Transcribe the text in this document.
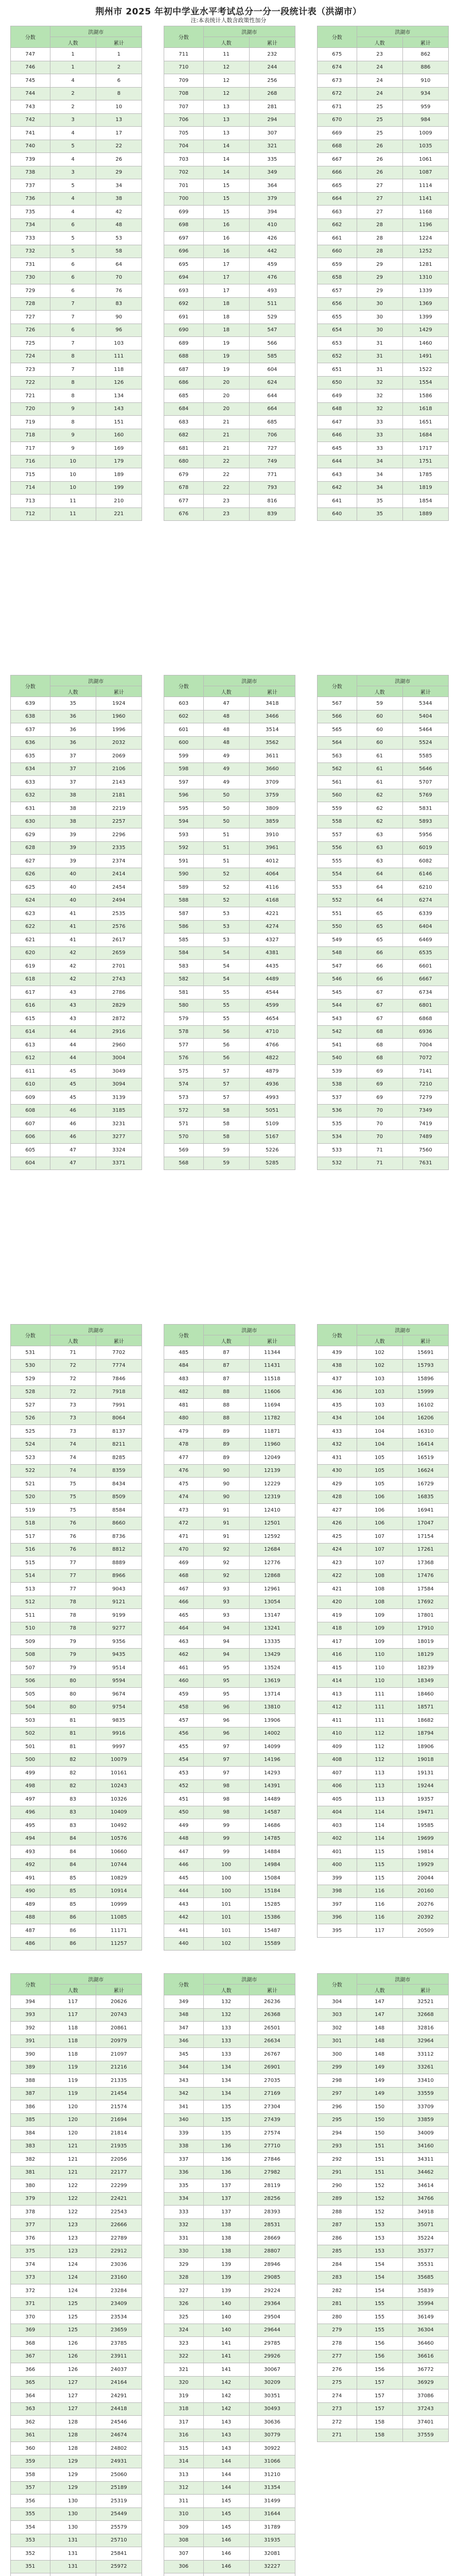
荆州市 2025 年初中学业水平考试总分一分一段统计表（洪湖市）
注:本表统计人数含政策性加分
分数	洪湖市	
	人数	累计
747	1	1
746	1	2
745	4	6
744	2	8
743	2	10
742	3	13
741	4	17
740	5	22
739	4	26
738	3	29
737	5	34
736	4	38
735	4	42
734	6	48
733	5	53
732	5	58
731	6	64
730	6	70
729	6	76
728	7	83
727	7	90
726	6	96
725	7	103
724	8	111
723	7	118
722	8	126
721	8	134
720	9	143
719	8	151
718	9	160
717	9	169
716	10	179
715	10	189
714	10	199
713	11	210
712	11	221
分数	洪湖市	
	人数	累计
711	11	232
710	12	244
709	12	256
708	12	268
707	13	281
706	13	294
705	13	307
704	14	321
703	14	335
702	14	349
701	15	364
700	15	379
699	15	394
698	16	410
697	16	426
696	16	442
695	17	459
694	17	476
693	17	493
692	18	511
691	18	529
690	18	547
689	19	566
688	19	585
687	19	604
686	20	624
685	20	644
684	20	664
683	21	685
682	21	706
681	21	727
680	22	749
679	22	771
678	22	793
677	23	816
676	23	839
分数	洪湖市	
	人数	累计
675	23	862
674	24	886
673	24	910
672	24	934
671	25	959
670	25	984
669	25	1009
668	26	1035
667	26	1061
666	26	1087
665	27	1114
664	27	1141
663	27	1168
662	28	1196
661	28	1224
660	28	1252
659	29	1281
658	29	1310
657	29	1339
656	30	1369
655	30	1399
654	30	1429
653	31	1460
652	31	1491
651	31	1522
650	32	1554
649	32	1586
648	32	1618
647	33	1651
646	33	1684
645	33	1717
644	34	1751
643	34	1785
642	34	1819
641	35	1854
640	35	1889
分数	洪湖市	
	人数	累计
639	35	1924
638	36	1960
637	36	1996
636	36	2032
635	37	2069
634	37	2106
633	37	2143
632	38	2181
631	38	2219
630	38	2257
629	39	2296
628	39	2335
627	39	2374
626	40	2414
625	40	2454
624	40	2494
623	41	2535
622	41	2576
621	41	2617
620	42	2659
619	42	2701
618	42	2743
617	43	2786
616	43	2829
615	43	2872
614	44	2916
613	44	2960
612	44	3004
611	45	3049
610	45	3094
609	45	3139
608	46	3185
607	46	3231
606	46	3277
605	47	3324
604	47	3371
分数	洪湖市	
	人数	累计
603	47	3418
602	48	3466
601	48	3514
600	48	3562
599	49	3611
598	49	3660
597	49	3709
596	50	3759
595	50	3809
594	50	3859
593	51	3910
592	51	3961
591	51	4012
590	52	4064
589	52	4116
588	52	4168
587	53	4221
586	53	4274
585	53	4327
584	54	4381
583	54	4435
582	54	4489
581	55	4544
580	55	4599
579	55	4654
578	56	4710
577	56	4766
576	56	4822
575	57	4879
574	57	4936
573	57	4993
572	58	5051
571	58	5109
570	58	5167
569	59	5226
568	59	5285
分数	洪湖市	
	人数	累计
567	59	5344
566	60	5404
565	60	5464
564	60	5524
563	61	5585
562	61	5646
561	61	5707
560	62	5769
559	62	5831
558	62	5893
557	63	5956
556	63	6019
555	63	6082
554	64	6146
553	64	6210
552	64	6274
551	65	6339
550	65	6404
549	65	6469
548	66	6535
547	66	6601
546	66	6667
545	67	6734
544	67	6801
543	67	6868
542	68	6936
541	68	7004
540	68	7072
539	69	7141
538	69	7210
537	69	7279
536	70	7349
535	70	7419
534	70	7489
533	71	7560
532	71	7631
分数	洪湖市	
	人数	累计
531	71	7702
530	72	7774
529	72	7846
528	72	7918
527	73	7991
526	73	8064
525	73	8137
524	74	8211
523	74	8285
522	74	8359
521	75	8434
520	75	8509
519	75	8584
518	76	8660
517	76	8736
516	76	8812
515	77	8889
514	77	8966
513	77	9043
512	78	9121
511	78	9199
510	78	9277
509	79	9356
508	79	9435
507	79	9514
506	80	9594
505	80	9674
504	80	9754
503	81	9835
502	81	9916
501	81	9997
500	82	10079
499	82	10161
498	82	10243
497	83	10326
496	83	10409
495	83	10492
494	84	10576
493	84	10660
492	84	10744
491	85	10829
490	85	10914
489	85	10999
488	86	11085
487	86	11171
486	86	11257
分数	洪湖市	
	人数	累计
485	87	11344
484	87	11431
483	87	11518
482	88	11606
481	88	11694
480	88	11782
479	89	11871
478	89	11960
477	89	12049
476	90	12139
475	90	12229
474	90	12319
473	91	12410
472	91	12501
471	91	12592
470	92	12684
469	92	12776
468	92	12868
467	93	12961
466	93	13054
465	93	13147
464	94	13241
463	94	13335
462	94	13429
461	95	13524
460	95	13619
459	95	13714
458	96	13810
457	96	13906
456	96	14002
455	97	14099
454	97	14196
453	97	14293
452	98	14391
451	98	14489
450	98	14587
449	99	14686
448	99	14785
447	99	14884
446	100	14984
445	100	15084
444	100	15184
443	101	15285
442	101	15386
441	101	15487
440	102	15589
分数	洪湖市	
	人数	累计
439	102	15691
438	102	15793
437	103	15896
436	103	15999
435	103	16102
434	104	16206
433	104	16310
432	104	16414
431	105	16519
430	105	16624
429	105	16729
428	106	16835
427	106	16941
426	106	17047
425	107	17154
424	107	17261
423	107	17368
422	108	17476
421	108	17584
420	108	17692
419	109	17801
418	109	17910
417	109	18019
416	110	18129
415	110	18239
414	110	18349
413	111	18460
412	111	18571
411	111	18682
410	112	18794
409	112	18906
408	112	19018
407	113	19131
406	113	19244
405	113	19357
404	114	19471
403	114	19585
402	114	19699
401	115	19814
400	115	19929
399	115	20044
398	116	20160
397	116	20276
396	116	20392
395	117	20509
分数	洪湖市	
	人数	累计
394	117	20626
393	117	20743
392	118	20861
391	118	20979
390	118	21097
389	119	21216
388	119	21335
387	119	21454
386	120	21574
385	120	21694
384	120	21814
383	121	21935
382	121	22056
381	121	22177
380	122	22299
379	122	22421
378	122	22543
377	123	22666
376	123	22789
375	123	22912
374	124	23036
373	124	23160
372	124	23284
371	125	23409
370	125	23534
369	125	23659
368	126	23785
367	126	23911
366	126	24037
365	127	24164
364	127	24291
363	127	24418
362	128	24546
361	128	24674
360	128	24802
359	129	24931
358	129	25060
357	129	25189
356	130	25319
355	130	25449
354	130	25579
353	131	25710
352	131	25841
351	131	25972

分数	洪湖市	
	人数	累计
349	132	26236
348	132	26368
347	133	26501
346	133	26634
345	133	26767
344	134	26901
343	134	27035
342	134	27169
341	135	27304
340	135	27439
339	135	27574
338	136	27710
337	136	27846
336	136	27982
335	137	28119
334	137	28256
333	137	28393
332	138	28531
331	138	28669
330	138	28807
329	139	28946
328	139	29085
327	139	29224
326	140	29364
325	140	29504
324	140	29644
323	141	29785
322	141	29926
321	141	30067
320	142	30209
319	142	30351
318	142	30493
317	143	30636
316	143	30779
315	143	30922
314	144	31066
313	144	31210
312	144	31354
311	145	31499
310	145	31644
309	145	31789
308	146	31935
307	146	32081
306	146	32227

分数	洪湖市	
	人数	累计
304	147	32521
303	147	32668
302	148	32816
301	148	32964
300	148	33112
299	149	33261
298	149	33410
297	149	33559
296	150	33709
295	150	33859
294	150	34009
293	151	34160
292	151	34311
291	151	34462
290	152	34614
289	152	34766
288	152	34918
287	153	35071
286	153	35224
285	153	35377
284	154	35531
283	154	35685
282	154	35839
281	155	35994
280	155	36149
279	155	36304
278	156	36460
277	156	36616
276	156	36772
275	157	36929
274	157	37086
273	157	37243
272	158	37401
271	158	37559
